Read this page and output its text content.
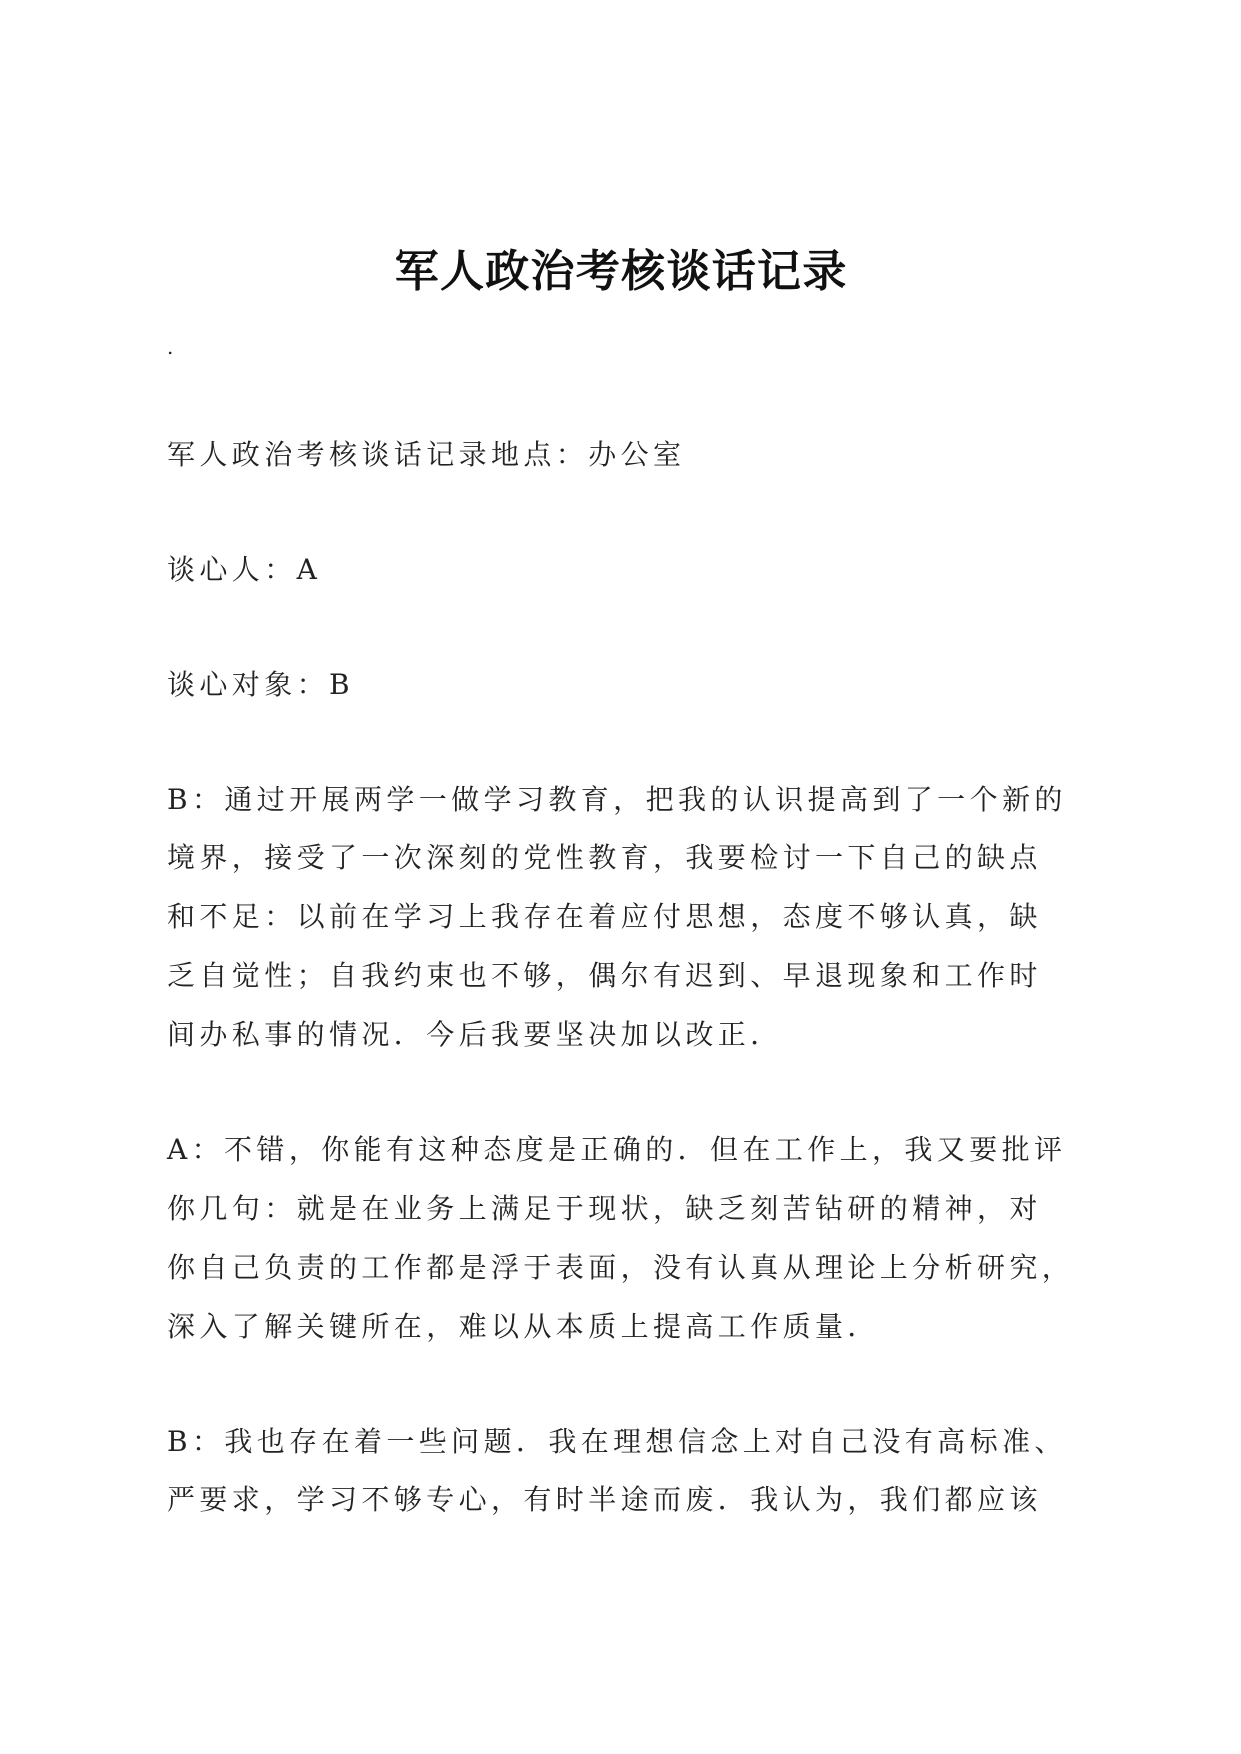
军人政治考核谈话记录
.
军人政治考核谈话记录地点：办公室
谈心人：A
谈心对象：B
B：通过开展两学一做学习教育，把我的认识提高到了一个新的
境界，接受了一次深刻的党性教育，我要检讨一下自己的缺点
和不足：以前在学习上我存在着应付思想，态度不够认真，缺
乏自觉性；自我约束也不够，偶尔有迟到、早退现象和工作时
间办私事的情况．今后我要坚决加以改正．
A：不错，你能有这种态度是正确的．但在工作上，我又要批评
你几句：就是在业务上满足于现状，缺乏刻苦钻研的精神，对
你自己负责的工作都是浮于表面，没有认真从理论上分析研究，
深入了解关键所在，难以从本质上提高工作质量．
B：我也存在着一些问题．我在理想信念上对自己没有高标准、
严要求，学习不够专心，有时半途而废．我认为，我们都应该
